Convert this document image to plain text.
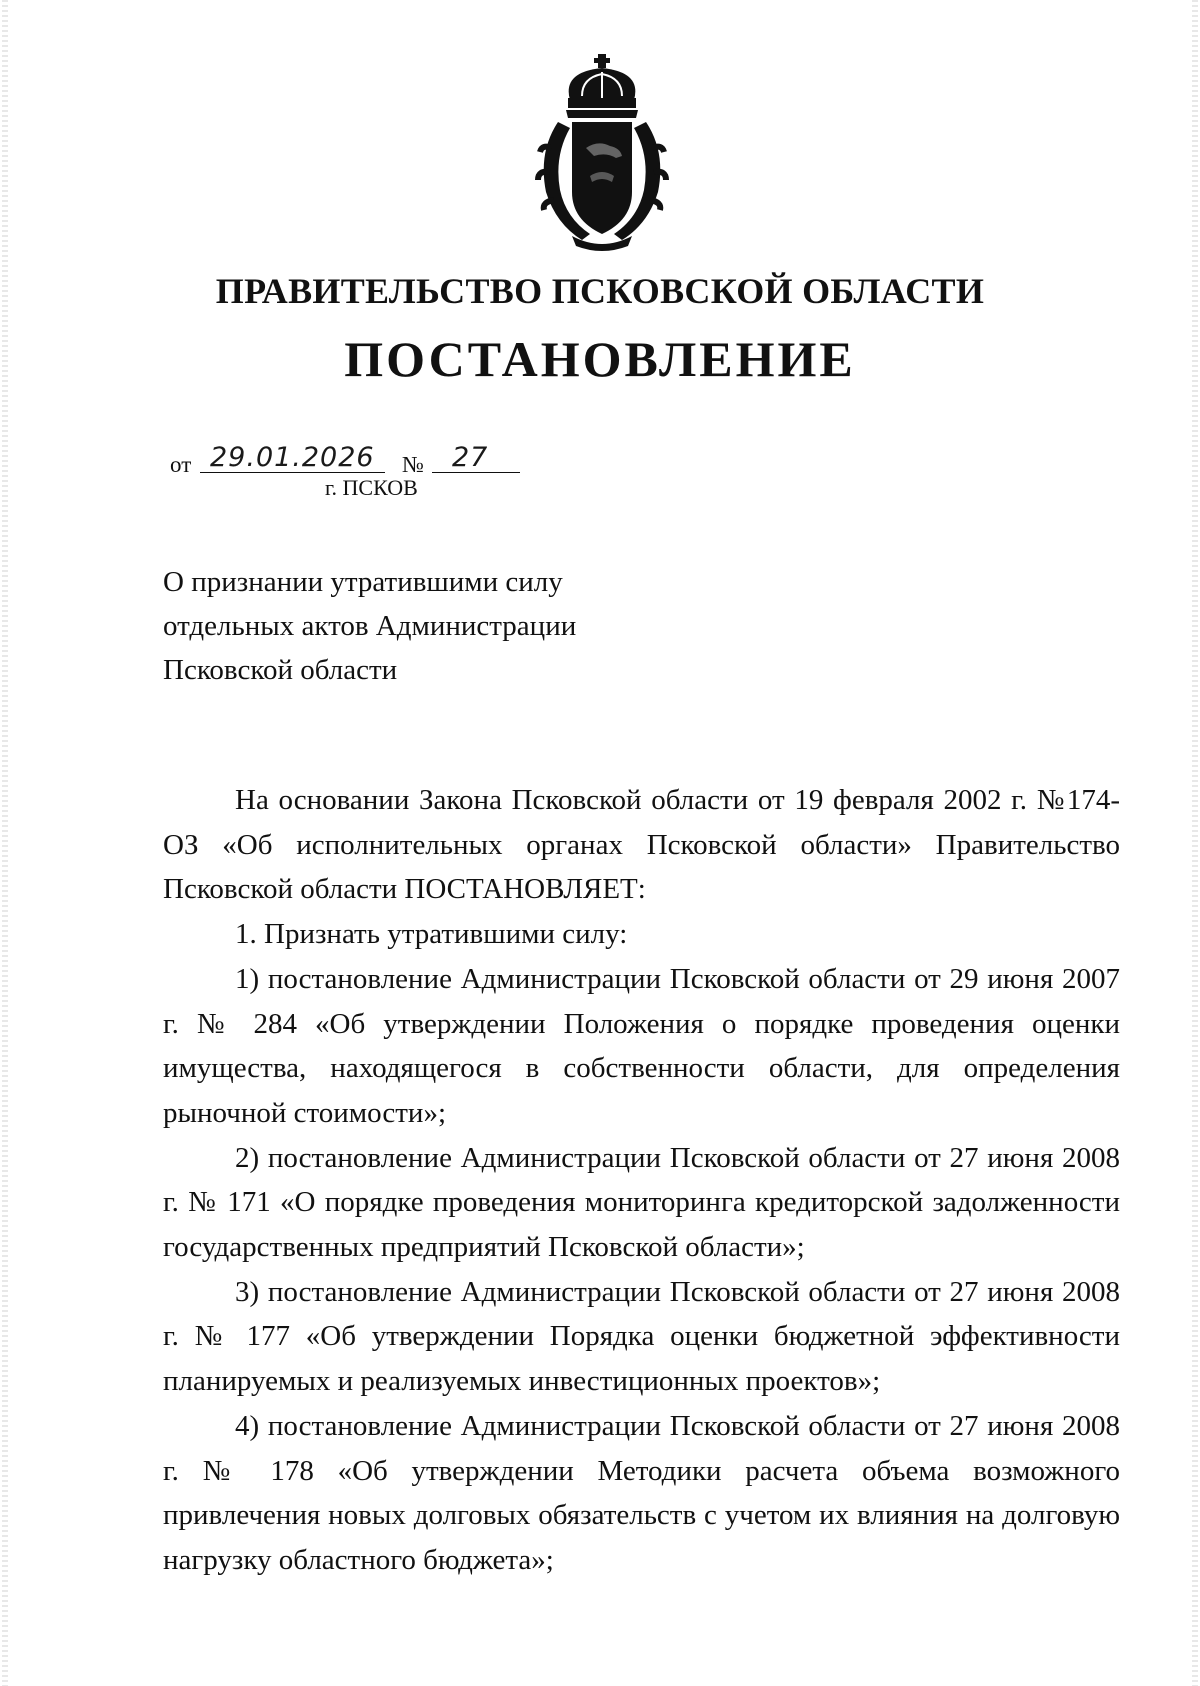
ПРАВИТЕЛЬСТВО ПСКОВСКОЙ ОБЛАСТИ
ПОСТАНОВЛЕНИЕ
от 29.01.2026 № 27
г. ПСКОВ
О признании утратившими силу
отдельных актов Администрации
Псковской области

На основании Закона Псковской области от 19 февраля 2002 г. №174-ОЗ «Об исполнительных органах Псковской области» Правительство Псковской области ПОСТАНОВЛЯЕТ:

1. Признать утратившими силу:

1) постановление Администрации Псковской области от 29 июня 2007 г. № 284 «Об утверждении Положения о порядке проведения оценки имущества, находящегося в собственности области, для определения рыночной стоимости»;

2) постановление Администрации Псковской области от 27 июня 2008 г. № 171 «О порядке проведения мониторинга кредиторской задолженности государственных предприятий Псковской области»;

3) постановление Администрации Псковской области от 27 июня 2008 г. № 177 «Об утверждении Порядка оценки бюджетной эффективности планируемых и реализуемых инвестиционных проектов»;

4) постановление Администрации Псковской области от 27 июня 2008 г. № 178 «Об утверждении Методики расчета объема возможного привлечения новых долговых обязательств с учетом их влияния на долговую нагрузку областного бюджета»;
